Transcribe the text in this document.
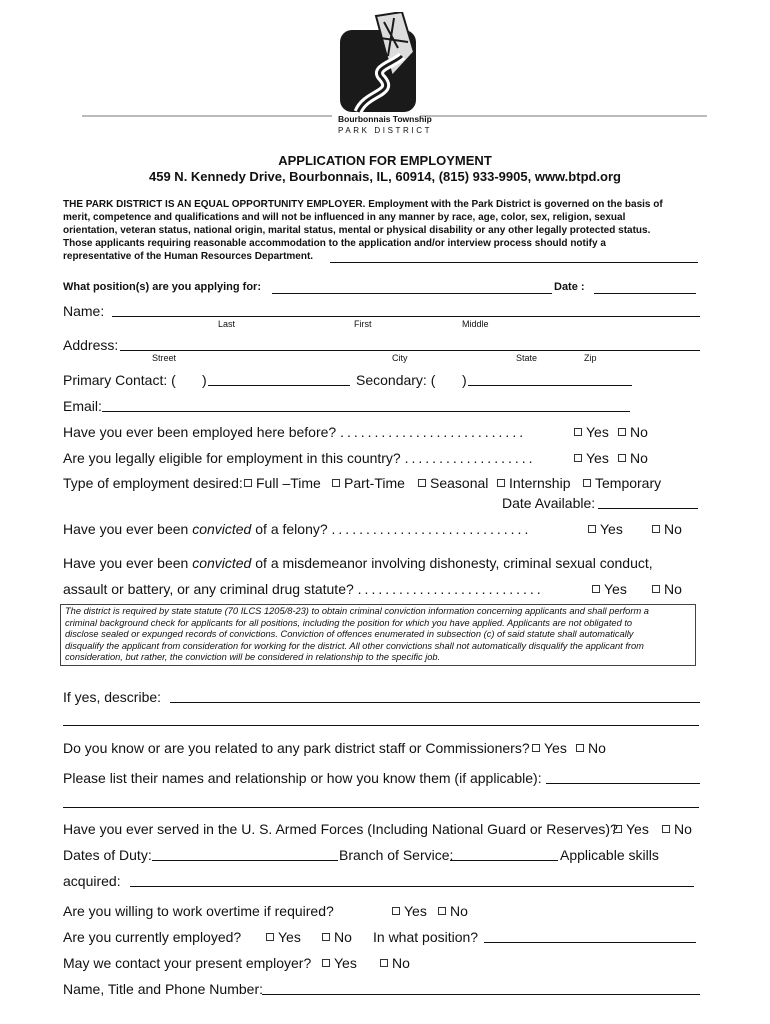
Bourbonnais Township
PARK DISTRICT
APPLICATION FOR EMPLOYMENT
459 N. Kennedy Drive, Bourbonnais, IL, 60914, (815) 933-9905, www.btpd.org
THE PARK DISTRICT IS AN EQUAL OPPORTUNITY EMPLOYER. Employment with the Park District is governed on the basis of
merit, competence and qualifications and will not be influenced in any manner by race, age, color, sex, religion, sexual
orientation, veteran status, national origin, marital status, mental or physical disability or any other legally protected status.
Those applicants requiring reasonable accommodation to the application and/or interview process should notify a
representative of the Human Resources Department.
What position(s) are you applying for:	Date :
Name:
Last	First	Middle
Address:
Street	City	State	Zip
Primary Contact: ( )	Secondary: ( )
Email:
Have you ever been employed here before? ...........................	Yes	No
Are you legally eligible for employment in this country? ...................	Yes	No
Type of employment desired: Full –Time	Part-Time	Seasonal	Internship	Temporary
Date Available:
Have you ever been convicted of a felony? .............................	Yes	No
Have you ever been convicted of a misdemeanor involving dishonesty, criminal sexual conduct,
assault or battery, or any criminal drug statute? ...........................	Yes	No
The district is required by state statute (70 ILCS 1205/8-23) to obtain criminal conviction information concerning applicants and shall perform a
criminal background check for applicants for all positions, including the position for which you have applied. Applicants are not obligated to
disclose sealed or expunged records of convictions. Conviction of offences enumerated in subsection (c) of said statute shall automatically
disqualify the applicant from consideration for working for the district. All other convictions shall not automatically disqualify the applicant from
consideration, but rather, the conviction will be considered in relationship to the specific job.
If yes, describe:
Do you know or are you related to any park district staff or Commissioners?	Yes	No
Please list their names and relationship or how you know them (if applicable):
Have you ever served in the U. S. Armed Forces (Including National Guard or Reserves)? Yes	No
Dates of Duty:	Branch of Service:	Applicable skills
acquired:
Are you willing to work overtime if required?	Yes	No
Are you currently employed?	Yes	No In what position?
May we contact your present employer?	Yes	No
Name, Title and Phone Number:
